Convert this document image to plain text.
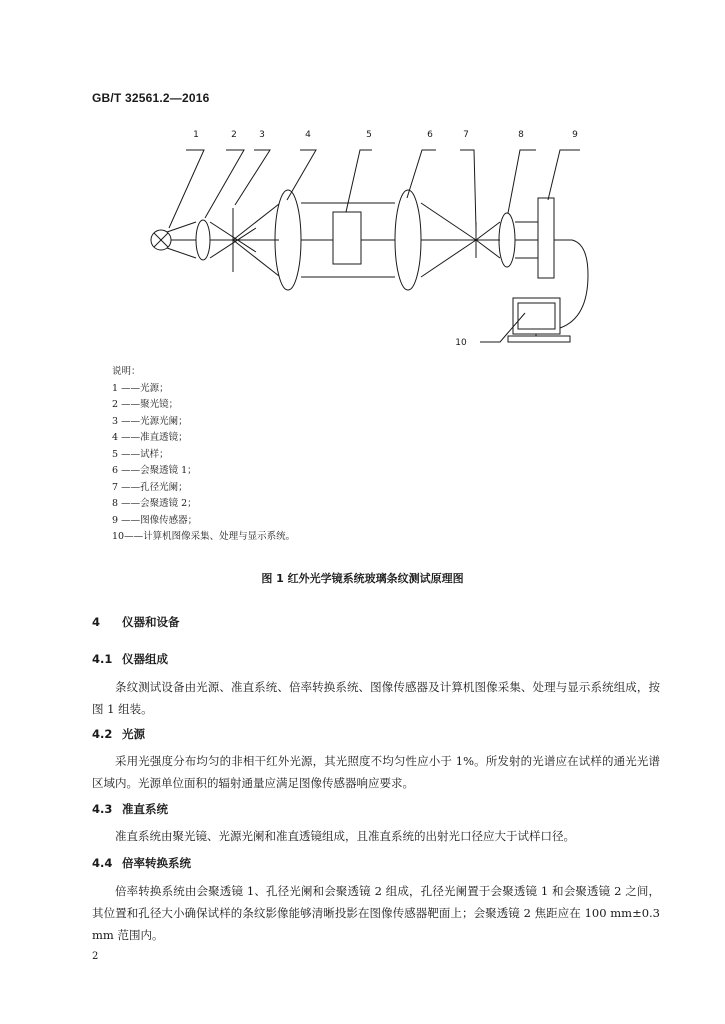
GB/T 32561.2—2016
1	2 3	4	5	6	7	8	9
10
说明：
1 ——光源；
2 ——聚光镜；
3 ——光源光阑；
4 ——准直透镜；
5 ——试样；
6 ——会聚透镜 1；
7 ——孔径光阑；
8 ——会聚透镜 2；
9 ——图像传感器；
10——计算机图像采集、处理与显示系统。
图 1 红外光学镜系统玻璃条纹测试原理图
4 仪器和设备
4.1 仪器组成
条纹测试设备由光源、准直系统、倍率转换系统、图像传感器及计算机图像采集、处理与显示系统组成，按图 1 组装。
4.2 光源
采用光强度分布均匀的非相干红外光源，其光照度不均匀性应小于 1%。所发射的光谱应在试样的通光光谱区域内。光源单位面积的辐射通量应满足图像传感器响应要求。
4.3 准直系统
准直系统由聚光镜、光源光阑和准直透镜组成，且准直系统的出射光口径应大于试样口径。
4.4 倍率转换系统
倍率转换系统由会聚透镜 1、孔径光阑和会聚透镜 2 组成，孔径光阑置于会聚透镜 1 和会聚透镜 2 之间，其位置和孔径大小确保试样的条纹影像能够清晰投影在图像传感器靶面上；会聚透镜 2 焦距应在 100 mm±0.3 mm 范围内。
2
